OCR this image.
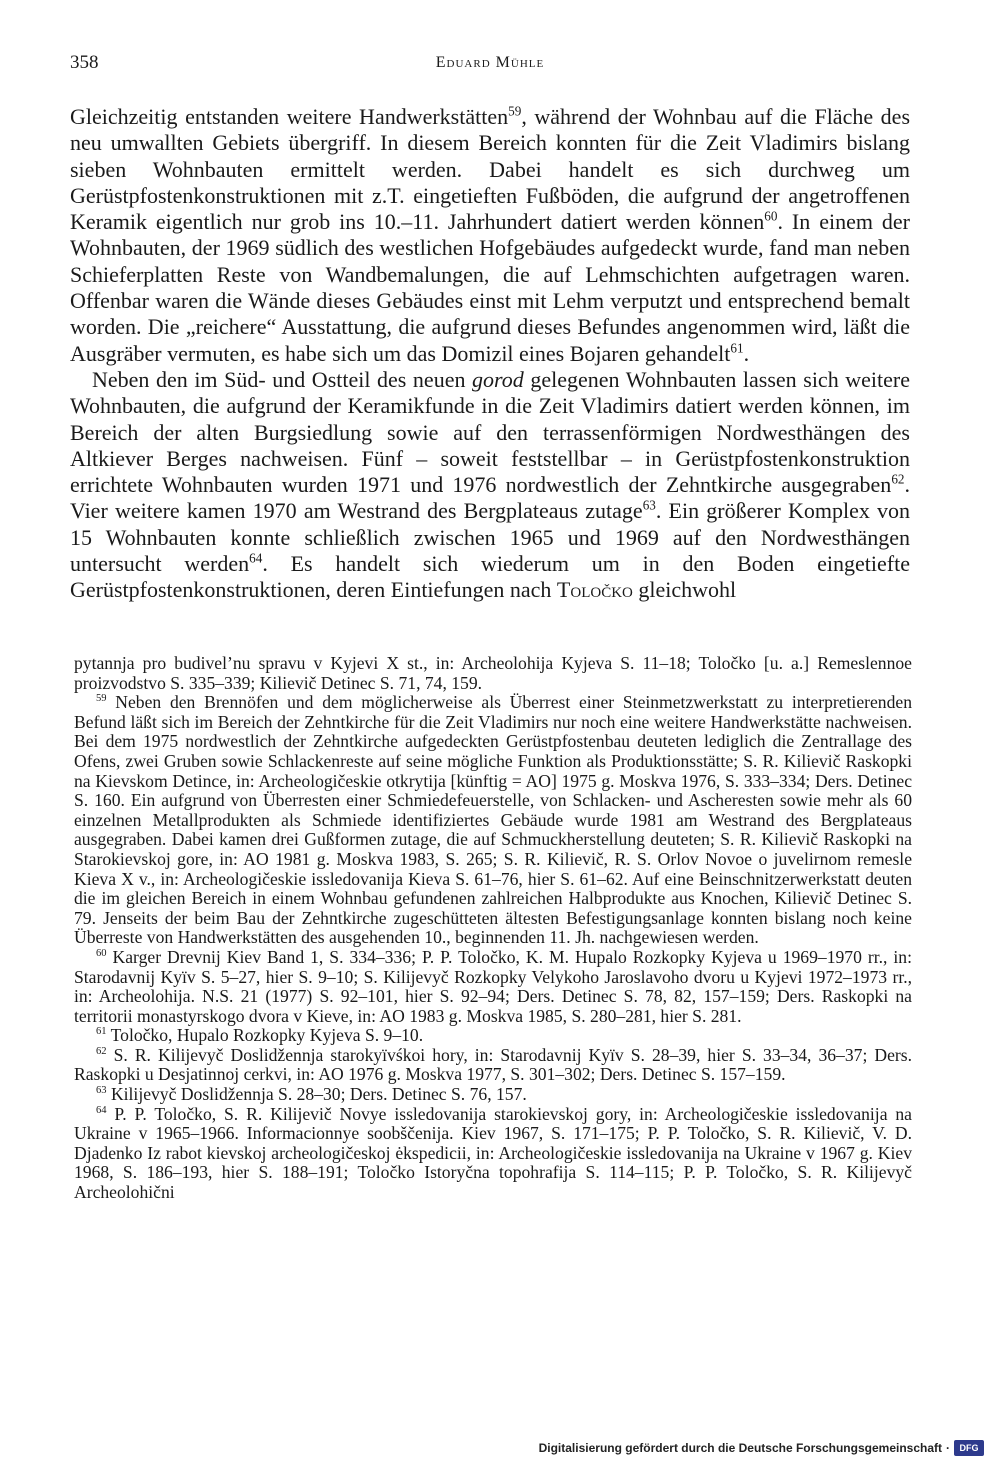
358	Eduard Mühle

Gleichzeitig entstanden weitere Handwerkstätten$^{59}$, während der Wohnbau auf die Fläche des neu umwallten Gebiets übergriff. In diesem Bereich konnten für die Zeit Vladimirs bislang sieben Wohnbauten ermittelt werden. Dabei handelt es sich durchweg um Gerüstpfostenkonstruktionen mit z.T. eingetieften Fußböden, die aufgrund der angetroffenen Keramik eigentlich nur grob ins 10.–11. Jahrhundert datiert werden können$^{60}$. In einem der Wohnbauten, der 1969 südlich des westlichen Hofgebäudes aufgedeckt wurde, fand man neben Schieferplatten Reste von Wandbemalungen, die auf Lehmschichten aufgetragen waren. Offenbar waren die Wände dieses Gebäudes einst mit Lehm verputzt und entsprechend bemalt worden. Die „reichere“ Ausstattung, die aufgrund dieses Befundes angenommen wird, läßt die Ausgräber vermuten, es habe sich um das Domizil eines Bojaren gehandelt$^{61}$.

Neben den im Süd- und Ostteil des neuen gorod gelegenen Wohnbauten lassen sich weitere Wohnbauten, die aufgrund der Keramikfunde in die Zeit Vladimirs datiert werden können, im Bereich der alten Burgsiedlung sowie auf den terrassenförmigen Nordwesthängen des Altkiever Berges nachweisen. Fünf – soweit feststellbar – in Gerüstpfostenkonstruktion errichtete Wohnbauten wurden 1971 und 1976 nordwestlich der Zehntkirche ausgegraben$^{62}$. Vier weitere kamen 1970 am Westrand des Bergplateaus zutage$^{63}$. Ein größerer Komplex von 15 Wohnbauten konnte schließlich zwischen 1965 und 1969 auf den Nordwesthängen untersucht werden$^{64}$. Es handelt sich wiederum um in den Boden eingetiefte Gerüstpfostenkonstruktionen, deren Eintiefungen nach Toločko gleichwohl

pytannja pro budivel’nu spravu v Kyjevi X st., in: Archeolohija Kyjeva S. 11–18; Toločko [u. a.] Remeslennoe proizvodstvo S. 335–339; Kilievič Detinec S. 71, 74, 159.

$^{59}$ Neben den Brennöfen und dem möglicherweise als Überrest einer Steinmetzwerkstatt zu interpretierenden Befund läßt sich im Bereich der Zehntkirche für die Zeit Vladimirs nur noch eine weitere Handwerkstätte nachweisen. Bei dem 1975 nordwestlich der Zehntkirche aufgedeckten Gerüstpfostenbau deuteten lediglich die Zentrallage des Ofens, zwei Gruben sowie Schlackenreste auf seine mögliche Funktion als Produktionsstätte; S. R. Kilievič Raskopki na Kievskom Detince, in: Archeologičeskie otkrytija [künftig = AO] 1975 g. Moskva 1976, S. 333–334; Ders. Detinec S. 160. Ein aufgrund von Überresten einer Schmiedefeuerstelle, von Schlacken- und Ascheresten sowie mehr als 60 einzelnen Metallprodukten als Schmiede identifiziertes Gebäude wurde 1981 am Westrand des Bergplateaus ausgegraben. Dabei kamen drei Gußformen zutage, die auf Schmuckherstellung deuteten; S. R. Kilievič Raskopki na Starokievskoj gore, in: AO 1981 g. Moskva 1983, S. 265; S. R. Kilievič, R. S. Orlov Novoe o juvelirnom remesle Kieva X v., in: Archeologičeskie issledovanija Kieva S. 61–76, hier S. 61–62. Auf eine Beinschnitzerwerkstatt deuten die im gleichen Bereich in einem Wohnbau gefundenen zahlreichen Halbprodukte aus Knochen, Kilievič Detinec S. 79. Jenseits der beim Bau der Zehntkirche zugeschütteten ältesten Befestigungsanlage konnten bislang noch keine Überreste von Handwerkstätten des ausgehenden 10., beginnenden 11. Jh. nachgewiesen werden.

$^{60}$ Karger Drevnij Kiev Band 1, S. 334–336; P. P. Toločko, K. M. Hupalo Rozkopky Kyjeva u 1969–1970 rr., in: Starodavnij Kyïv S. 5–27, hier S. 9–10; S. Kilijevyč Rozkopky Velykoho Jaroslavoho dvoru u Kyjevi 1972–1973 rr., in: Archeolohija. N.S. 21 (1977) S. 92–101, hier S. 92–94; Ders. Detinec S. 78, 82, 157–159; Ders. Raskopki na territorii monastyrskogo dvora v Kieve, in: AO 1983 g. Moskva 1985, S. 280–281, hier S. 281.

$^{61}$ Toločko, Hupalo Rozkopky Kyjeva S. 9–10.

$^{62}$ S. R. Kilijevyč Doslidžennja starokyïvśkoi hory, in: Starodavnij Kyïv S. 28–39, hier S. 33–34, 36–37; Ders. Raskopki u Desjatinnoj cerkvi, in: AO 1976 g. Moskva 1977, S. 301–302; Ders. Detinec S. 157–159.

$^{63}$ Kilijevyč Doslidžennja S. 28–30; Ders. Detinec S. 76, 157.

$^{64}$ P. P. Toločko, S. R. Kilijevič Novye issledovanija starokievskoj gory, in: Archeologičeskie issledovanija na Ukraine v 1965–1966. Informacionnye soobščenija. Kiev 1967, S. 171–175; P. P. Toločko, S. R. Kilievič, V. D. Djadenko Iz rabot kievskoj archeologičeskoj ėkspedicii, in: Archeologičeskie issledovanija na Ukraine v 1967 g. Kiev 1968, S. 186–193, hier S. 188–191; Toločko Istoryčna topohrafija S. 114–115; P. P. Toločko, S. R. Kilijevyč Archeolohični

Digitalisierung gefördert durch die Deutsche Forschungsgemeinschaft ·	DFG
